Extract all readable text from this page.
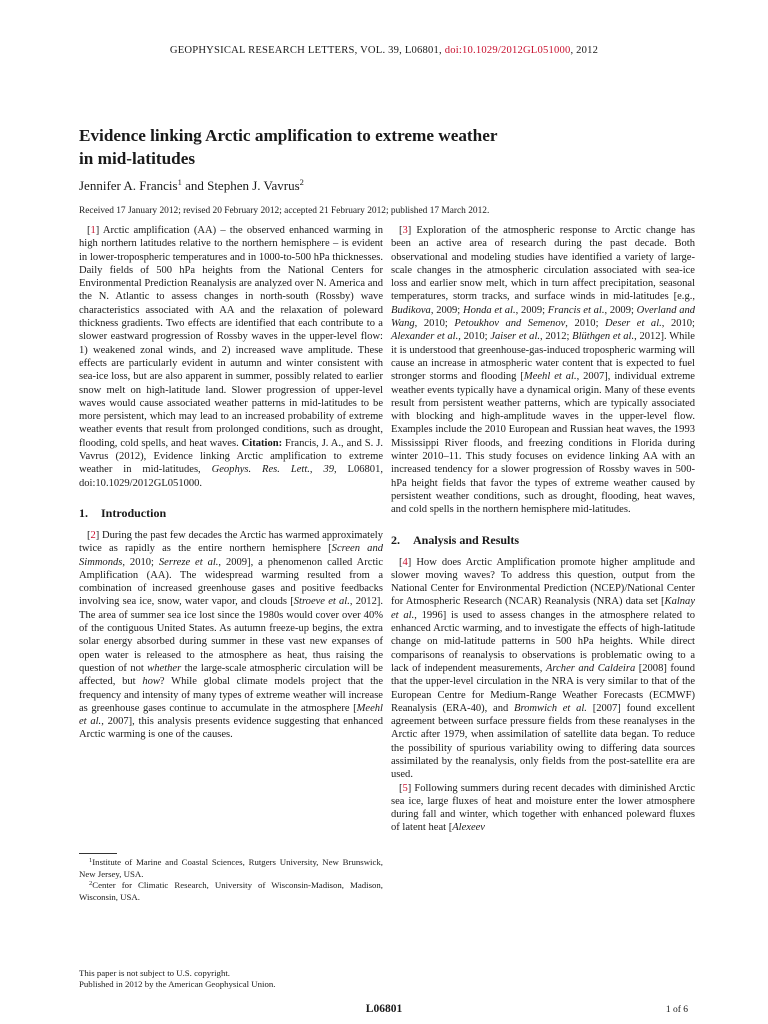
GEOPHYSICAL RESEARCH LETTERS, VOL. 39, L06801, doi:10.1029/2012GL051000, 2012
Evidence linking Arctic amplification to extreme weather
in mid-latitudes
Jennifer A. Francis$^1$ and Stephen J. Vavrus$^2$
Received 17 January 2012; revised 20 February 2012; accepted 21 February 2012; published 17 March 2012.

[1] Arctic amplification (AA) – the observed enhanced warming in high northern latitudes relative to the northern hemisphere – is evident in lower-tropospheric temperatures and in 1000-to-500 hPa thicknesses. Daily fields of 500 hPa heights from the National Centers for Environmental Prediction Reanalysis are analyzed over N. America and the N. Atlantic to assess changes in north-south (Rossby) wave characteristics associated with AA and the relaxation of poleward thickness gradients. Two effects are identified that each contribute to a slower eastward progression of Rossby waves in the upper-level flow: 1) weakened zonal winds, and 2) increased wave amplitude. These effects are particularly evident in autumn and winter consistent with sea-ice loss, but are also apparent in summer, possibly related to earlier snow melt on high-latitude land. Slower progression of upper-level waves would cause associated weather patterns in mid-latitudes to be more persistent, which may lead to an increased probability of extreme weather events that result from prolonged conditions, such as drought, flooding, cold spells, and heat waves. Citation: Francis, J. A., and S. J. Vavrus (2012), Evidence linking Arctic amplification to extreme weather in mid-latitudes, Geophys. Res. Lett., 39, L06801, doi:10.1029/2012GL051000.

1. Introduction

[2] During the past few decades the Arctic has warmed approximately twice as rapidly as the entire northern hemisphere [Screen and Simmonds, 2010; Serreze et al., 2009], a phenomenon called Arctic Amplification (AA). The widespread warming resulted from a combination of increased greenhouse gases and positive feedbacks involving sea ice, snow, water vapor, and clouds [Stroeve et al., 2012]. The area of summer sea ice lost since the 1980s would cover over 40% of the contiguous United States. As autumn freeze-up begins, the extra solar energy absorbed during summer in these vast new expanses of open water is released to the atmosphere as heat, thus raising the question of not whether the large-scale atmospheric circulation will be affected, but how? While global climate models project that the frequency and intensity of many types of extreme weather will increase as greenhouse gases continue to accumulate in the atmosphere [Meehl et al., 2007], this analysis presents evidence suggesting that enhanced Arctic warming is one of the causes.

$^1$Institute of Marine and Coastal Sciences, Rutgers University, New Brunswick, New Jersey, USA.

$^2$Center for Climatic Research, University of Wisconsin-Madison, Madison, Wisconsin, USA.

This paper is not subject to U.S. copyright.
Published in 2012 by the American Geophysical Union.

[3] Exploration of the atmospheric response to Arctic change has been an active area of research during the past decade. Both observational and modeling studies have identified a variety of large-scale changes in the atmospheric circulation associated with sea-ice loss and earlier snow melt, which in turn affect precipitation, seasonal temperatures, storm tracks, and surface winds in mid-latitudes [e.g., Budikova, 2009; Honda et al., 2009; Francis et al., 2009; Overland and Wang, 2010; Petoukhov and Semenov, 2010; Deser et al., 2010; Alexander et al., 2010; Jaiser et al., 2012; Blüthgen et al., 2012]. While it is understood that greenhouse-gas-induced tropospheric warming will cause an increase in atmospheric water content that is expected to fuel stronger storms and flooding [Meehl et al., 2007], individual extreme weather events typically have a dynamical origin. Many of these events result from persistent weather patterns, which are typically associated with blocking and high-amplitude waves in the upper-level flow. Examples include the 2010 European and Russian heat waves, the 1993 Mississippi River floods, and freezing conditions in Florida during winter 2010–11. This study focuses on evidence linking AA with an increased tendency for a slower progression of Rossby waves in 500-hPa height fields that favor the types of extreme weather caused by persistent weather conditions, such as drought, flooding, heat waves, and cold spells in the northern hemisphere mid-latitudes.

2. Analysis and Results

[4] How does Arctic Amplification promote higher amplitude and slower moving waves? To address this question, output from the National Center for Environmental Prediction (NCEP)/National Center for Atmospheric Research (NCAR) Reanalysis (NRA) data set [Kalnay et al., 1996] is used to assess changes in the atmosphere related to enhanced Arctic warming, and to investigate the effects of high-latitude change on mid-latitude patterns in 500 hPa heights. While direct comparisons of reanalysis to observations is problematic owing to a lack of independent measurements, Archer and Caldeira [2008] found that the upper-level circulation in the NRA is very similar to that of the European Centre for Medium-Range Weather Forecasts (ECMWF) Reanalysis (ERA-40), and Bromwich et al. [2007] found excellent agreement between surface pressure fields from these reanalyses in the Arctic after 1979, when assimilation of satellite data began. To reduce the possibility of spurious variability owing to differing data sources assimilated by the reanalysis, only fields from the post-satellite era are used.

[5] Following summers during recent decades with diminished Arctic sea ice, large fluxes of heat and moisture enter the lower atmosphere during fall and winter, which together with enhanced poleward fluxes of latent heat [Alexeev

L06801	1 of 6
